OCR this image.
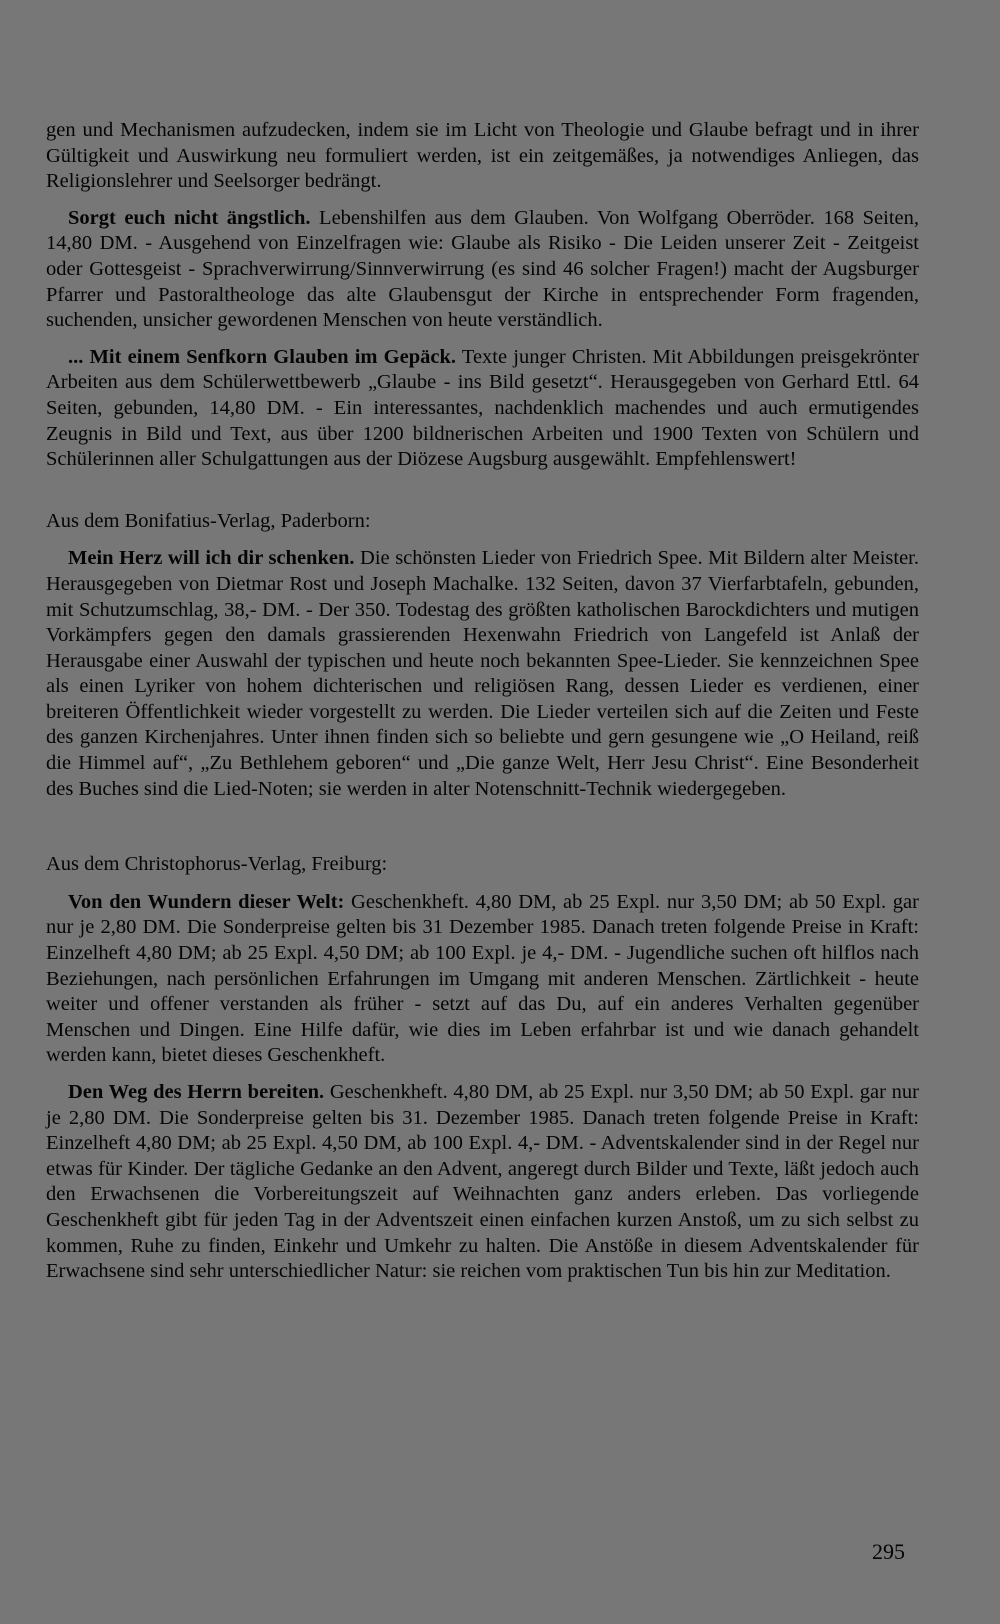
gen und Mechanismen aufzudecken, indem sie im Licht von Theologie und Glaube befragt und in ihrer Gültigkeit und Auswirkung neu formuliert werden, ist ein zeitgemäßes, ja notwendiges Anliegen, das Religionslehrer und Seelsorger bedrängt.

Sorgt euch nicht ängstlich. Lebenshilfen aus dem Glauben. Von Wolfgang Oberröder. 168 Seiten, 14,80 DM. - Ausgehend von Einzelfragen wie: Glaube als Risiko - Die Leiden unserer Zeit - Zeitgeist oder Gottesgeist - Sprachverwirrung/Sinnverwirrung (es sind 46 solcher Fragen!) macht der Augsburger Pfarrer und Pastoraltheologe das alte Glaubensgut der Kirche in entsprechender Form fragenden, suchenden, unsicher gewordenen Menschen von heute verständlich.

... Mit einem Senfkorn Glauben im Gepäck. Texte junger Christen. Mit Abbildungen preisgekrönter Arbeiten aus dem Schülerwettbewerb „Glaube - ins Bild gesetzt“. Herausgegeben von Gerhard Ettl. 64 Seiten, gebunden, 14,80 DM. - Ein interessantes, nachdenklich machendes und auch ermutigendes Zeugnis in Bild und Text, aus über 1200 bildnerischen Arbeiten und 1900 Texten von Schülern und Schülerinnen aller Schulgattungen aus der Diözese Augsburg ausgewählt. Empfehlenswert!

Aus dem Bonifatius-Verlag, Paderborn:

Mein Herz will ich dir schenken. Die schönsten Lieder von Friedrich Spee. Mit Bildern alter Meister. Herausgegeben von Dietmar Rost und Joseph Machalke. 132 Seiten, davon 37 Vierfarbtafeln, gebunden, mit Schutzumschlag, 38,- DM. - Der 350. Todestag des größten katholischen Barockdichters und mutigen Vorkämpfers gegen den damals grassierenden Hexenwahn Friedrich von Langefeld ist Anlaß der Herausgabe einer Auswahl der typischen und heute noch bekannten Spee-Lieder. Sie kennzeichnen Spee als einen Lyriker von hohem dichterischen und religiösen Rang, dessen Lieder es verdienen, einer breiteren Öffentlichkeit wieder vorgestellt zu werden. Die Lieder verteilen sich auf die Zeiten und Feste des ganzen Kirchenjahres. Unter ihnen finden sich so beliebte und gern gesungene wie „O Heiland, reiß die Himmel auf“, „Zu Bethlehem geboren“ und „Die ganze Welt, Herr Jesu Christ“. Eine Besonderheit des Buches sind die Lied-Noten; sie werden in alter Notenschnitt-Technik wiedergegeben.

Aus dem Christophorus-Verlag, Freiburg:

Von den Wundern dieser Welt: Geschenkheft. 4,80 DM, ab 25 Expl. nur 3,50 DM; ab 50 Expl. gar nur je 2,80 DM. Die Sonderpreise gelten bis 31 Dezember 1985. Danach treten folgende Preise in Kraft: Einzelheft 4,80 DM; ab 25 Expl. 4,50 DM; ab 100 Expl. je 4,- DM. - Jugendliche suchen oft hilflos nach Beziehungen, nach persönlichen Erfahrungen im Umgang mit anderen Menschen. Zärtlichkeit - heute weiter und offener verstanden als früher - setzt auf das Du, auf ein anderes Verhalten gegenüber Menschen und Dingen. Eine Hilfe dafür, wie dies im Leben erfahrbar ist und wie danach gehandelt werden kann, bietet dieses Geschenkheft.

Den Weg des Herrn bereiten. Geschenkheft. 4,80 DM, ab 25 Expl. nur 3,50 DM; ab 50 Expl. gar nur je 2,80 DM. Die Sonderpreise gelten bis 31. Dezember 1985. Danach treten folgende Preise in Kraft: Einzelheft 4,80 DM; ab 25 Expl. 4,50 DM, ab 100 Expl. 4,- DM. - Adventskalender sind in der Regel nur etwas für Kinder. Der tägliche Gedanke an den Advent, angeregt durch Bilder und Texte, läßt jedoch auch den Erwachsenen die Vorbereitungszeit auf Weihnachten ganz anders erleben. Das vorliegende Geschenkheft gibt für jeden Tag in der Adventszeit einen einfachen kurzen Anstoß, um zu sich selbst zu kommen, Ruhe zu finden, Einkehr und Umkehr zu halten. Die Anstöße in diesem Adventskalender für Erwachsene sind sehr unterschiedlicher Natur: sie reichen vom praktischen Tun bis hin zur Meditation.

295
